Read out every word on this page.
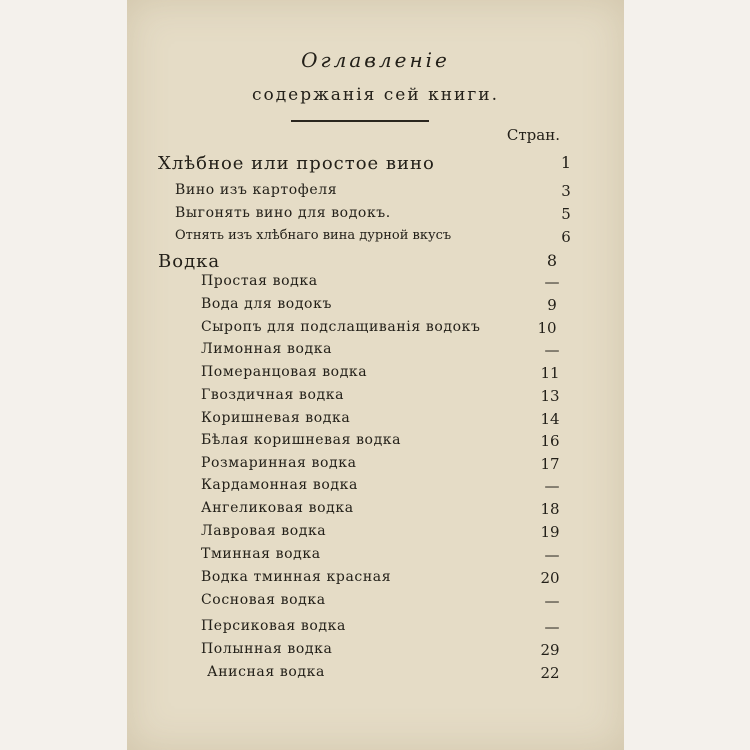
Оглавленіе
содержанія сей книги.
Стран.
Хлѣбное или простое вино	1
Вино изъ картофеля	3
Выгонять вино для водокъ.	5
Отнять изъ хлѣбнаго вина дурной вкусъ	6
Водка	8
Простая водка	—
Вода для водокъ	9
Сыропъ для подслащиванія водокъ	10
Лимонная водка	—
Померанцовая водка	11
Гвоздичная водка	13
Коришневая водка	14
Бѣлая коришневая водка	16
Розмаринная водка	17
Кардамонная водка	—
Ангеликовая водка	18
Лавровая водка	19
Тминная водка	—
Водка тминная красная	20
Сосновая водка	—
Персиковая водка	—
Полынная водка	29
Анисная водка	22
